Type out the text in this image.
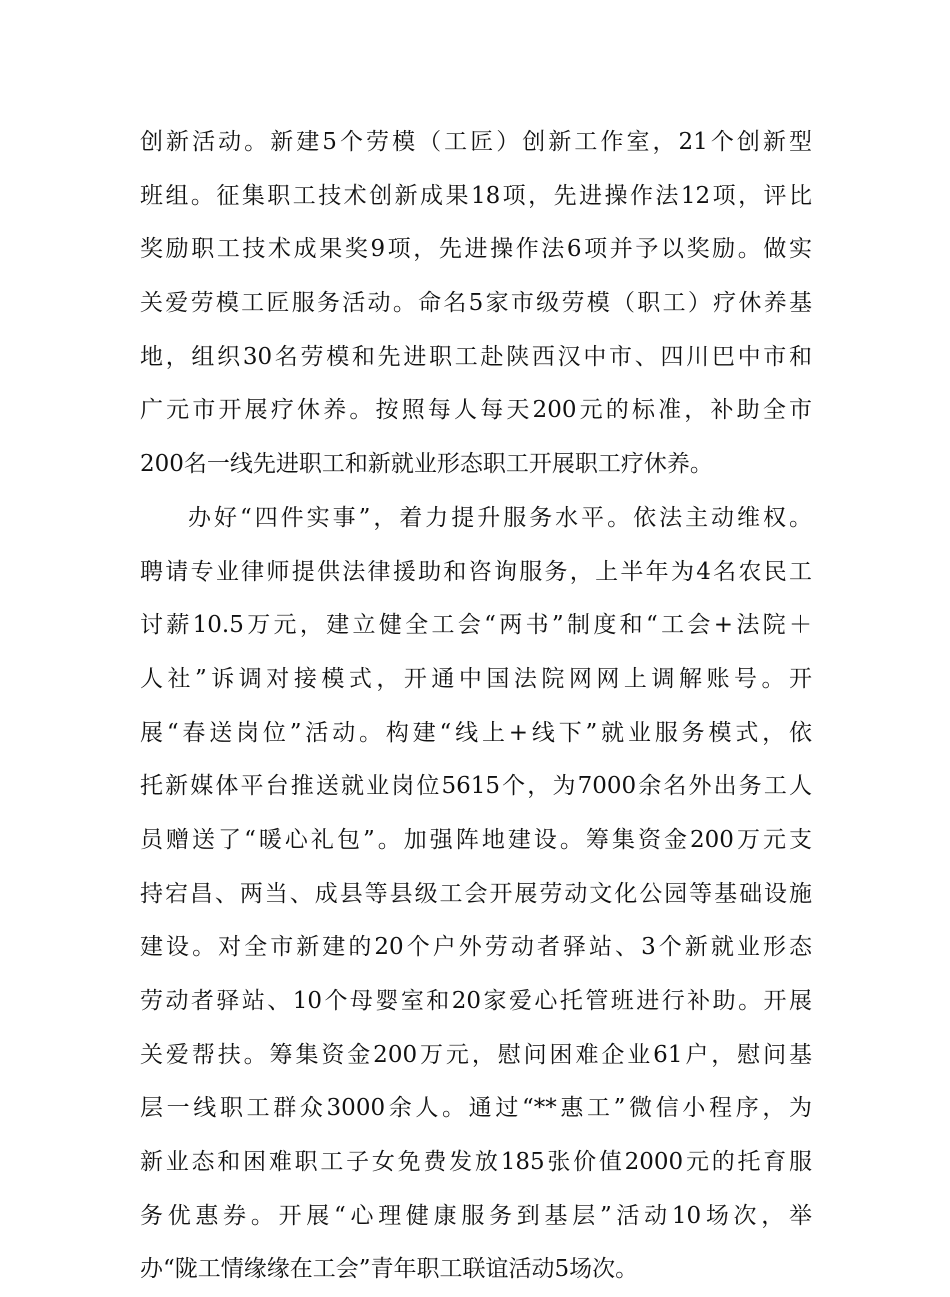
创新活动。新建5个劳模（工匠）创新工作室，21个创新型
班组。征集职工技术创新成果18项，先进操作法12项，评比
奖励职工技术成果奖9项，先进操作法6项并予以奖励。做实
关爱劳模工匠服务活动。命名5家市级劳模（职工）疗休养基
地，组织30名劳模和先进职工赴陕西汉中市、四川巴中市和
广元市开展疗休养。按照每人每天200元的标准，补助全市
200名一线先进职工和新就业形态职工开展职工疗休养。
办好“四件实事”，着力提升服务水平。依法主动维权。
聘请专业律师提供法律援助和咨询服务，上半年为4名农民工
讨薪10.5万元，建立健全工会“两书”制度和“工会+法院＋
人社”诉调对接模式，开通中国法院网网上调解账号。开
展“春送岗位”活动。构建“线上+线下”就业服务模式，依
托新媒体平台推送就业岗位5615个，为7000余名外出务工人
员赠送了“暖心礼包”。加强阵地建设。筹集资金200万元支
持宕昌、两当、成县等县级工会开展劳动文化公园等基础设施
建设。对全市新建的20个户外劳动者驿站、3个新就业形态
劳动者驿站、10个母婴室和20家爱心托管班进行补助。开展
关爱帮扶。筹集资金200万元，慰问困难企业61户，慰问基
层一线职工群众3000余人。通过“**惠工”微信小程序，为
新业态和困难职工子女免费发放185张价值2000元的托育服
务优惠券。开展“心理健康服务到基层”活动10场次，举
办“陇工情缘缘在工会”青年职工联谊活动5场次。
